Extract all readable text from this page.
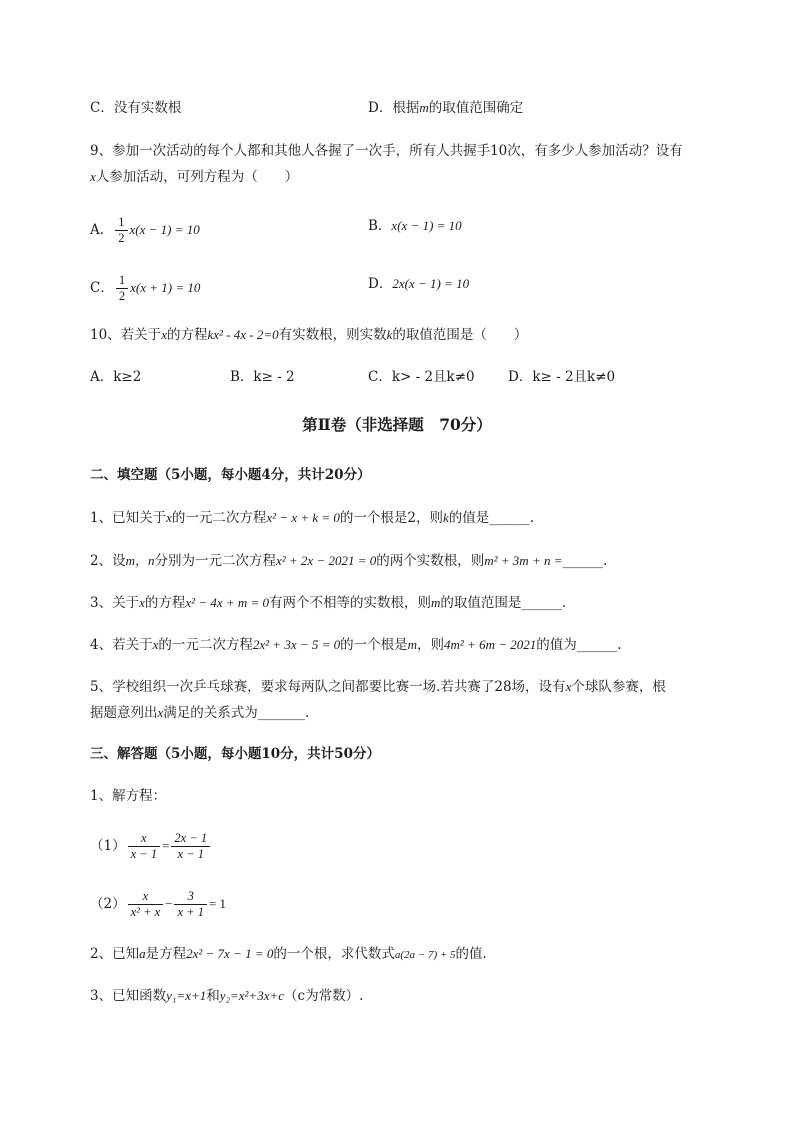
C．没有实数根	D．根据m的取值范围确定
9、参加一次活动的每个人都和其他人各握了一次手，所有人共握手10次，有多少人参加活动？设有
x人参加活动，可列方程为（　　）
A． $\frac{1}{2} x(x - 1) = 10$	B．x(x − 1) = 10
C． $\frac{1}{2} x(x + 1) = 10$	D．2x(x − 1) = 10
10、若关于x的方程kx² - 4x - 2=0有实数根，则实数k的取值范围是（　　）
A．k≥2	B．k≥ - 2	C．k> - 2且k≠0 D．k≥ - 2且k≠0
第Ⅱ卷（非选择题　70分）
二、填空题（5小题，每小题4分，共计20分）
1、已知关于x的一元二次方程x² − x + k = 0的一个根是2，则k的值是______.
2、设m，n分别为一元二次方程x² + 2x − 2021 = 0的两个实数根，则m² + 3m + n =______.
3、关于x的方程x² − 4x + m = 0有两个不相等的实数根，则m的取值范围是______.
4、若关于x的一元二次方程2x² + 3x − 5 = 0的一个根是m，则4m² + 6m − 2021的值为______.
5、学校组织一次乒乓球赛，要求每两队之间都要比赛一场.若共赛了28场，设有x个球队参赛，根
据题意列出x满足的关系式为_______.
三、解答题（5小题，每小题10分，共计50分）
1、解方程：
$(1) \frac{x}{x - 1} = \frac{2x - 1}{x - 1}$
$(2) \frac{x}{\text{x² + x}} - \frac{3}{x + 1} = 1$
2、已知a是方程2x² − 7x − 1 = 0的一个根，求代数式a(2a − 7) + 5的值.
3、已知函数y₁=x+1和y₂=x²+3x+c（c为常数）.
